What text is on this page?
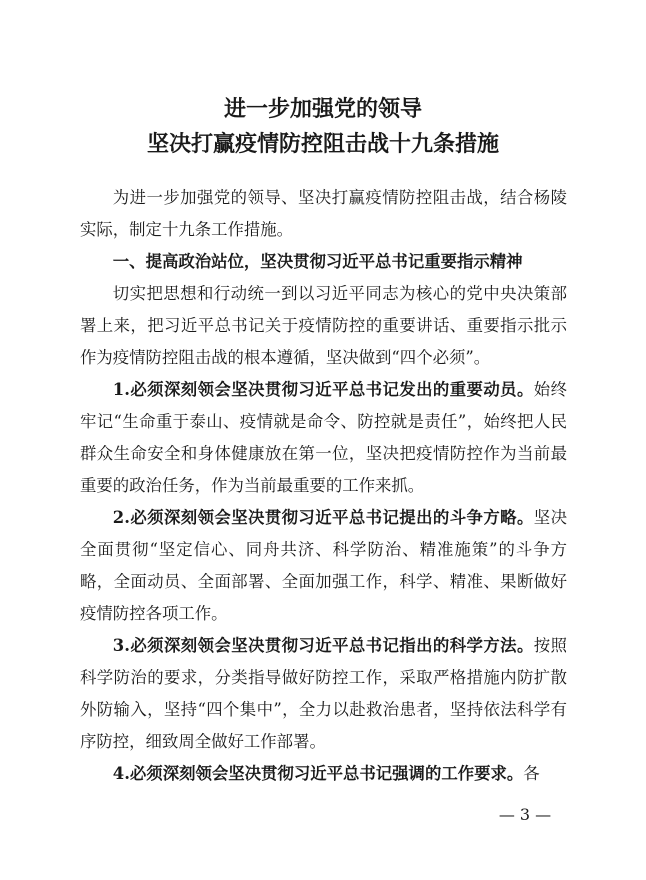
进一步加强党的领导
坚决打赢疫情防控阻击战十九条措施

为进一步加强党的领导、坚决打赢疫情防控阻击战，结合杨陵实际，制定十九条工作措施。

一、提高政治站位，坚决贯彻习近平总书记重要指示精神

切实把思想和行动统一到以习近平同志为核心的党中央决策部署上来，把习近平总书记关于疫情防控的重要讲话、重要指示批示作为疫情防控阻击战的根本遵循，坚决做到“四个必须”。

1.必须深刻领会坚决贯彻习近平总书记发出的重要动员。始终牢记“生命重于泰山、疫情就是命令、防控就是责任”，始终把人民群众生命安全和身体健康放在第一位，坚决把疫情防控作为当前最重要的政治任务，作为当前最重要的工作来抓。

2.必须深刻领会坚决贯彻习近平总书记提出的斗争方略。坚决全面贯彻“坚定信心、同舟共济、科学防治、精准施策”的斗争方略，全面动员、全面部署、全面加强工作，科学、精准、果断做好疫情防控各项工作。

3.必须深刻领会坚决贯彻习近平总书记指出的科学方法。按照科学防治的要求，分类指导做好防控工作，采取严格措施内防扩散外防输入，坚持“四个集中”，全力以赴救治患者，坚持依法科学有序防控，细致周全做好工作部署。

4.必须深刻领会坚决贯彻习近平总书记强调的工作要求。各

— 3 —
